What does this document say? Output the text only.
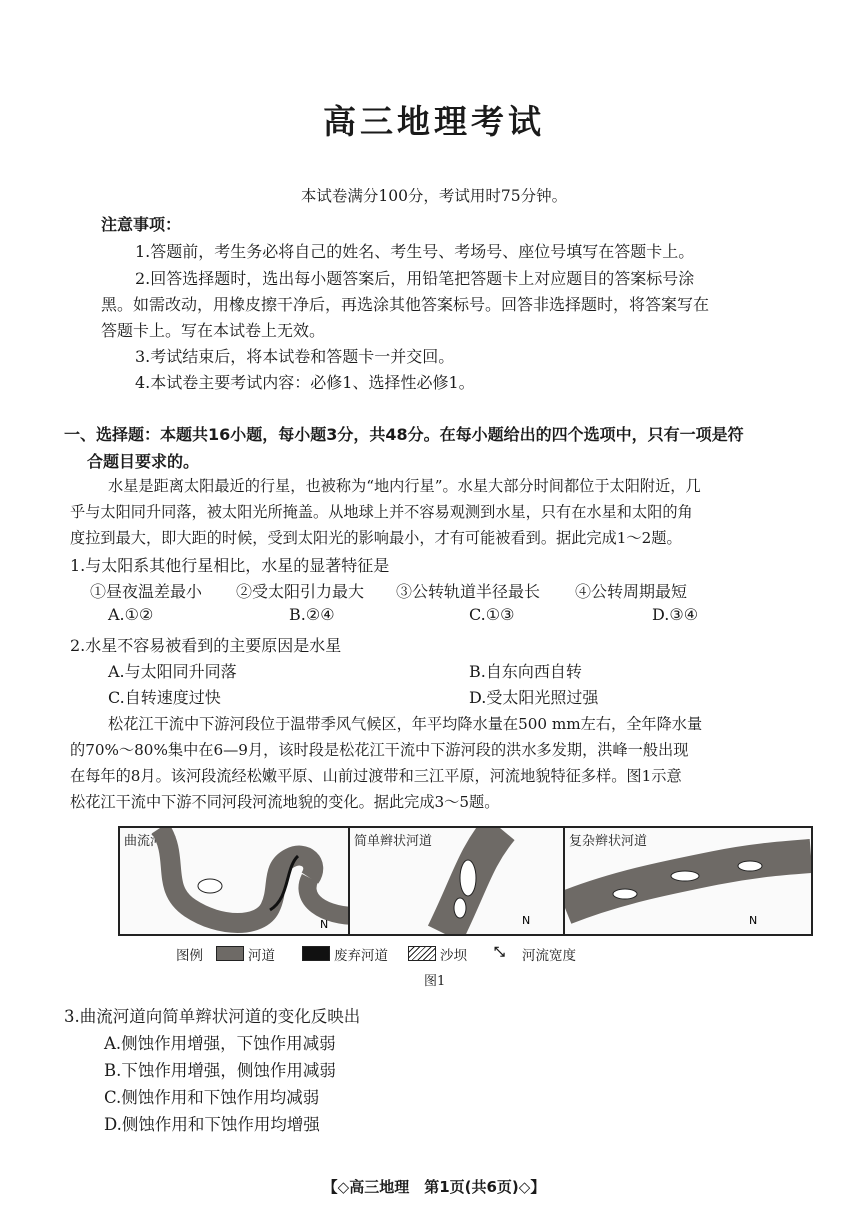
高三地理考试
本试卷满分100分，考试用时75分钟。
注意事项：
1.答题前，考生务必将自己的姓名、考生号、考场号、座位号填写在答题卡上。
2.回答选择题时，选出每小题答案后，用铅笔把答题卡上对应题目的答案标号涂
黑。如需改动，用橡皮擦干净后，再选涂其他答案标号。回答非选择题时，将答案写在
答题卡上。写在本试卷上无效。
3.考试结束后，将本试卷和答题卡一并交回。
4.本试卷主要考试内容：必修1、选择性必修1。
一、选择题：本题共16小题，每小题3分，共48分。在每小题给出的四个选项中，只有一项是符
合题目要求的。
水星是距离太阳最近的行星，也被称为“地内行星”。水星大部分时间都位于太阳附近，几
乎与太阳同升同落，被太阳光所掩盖。从地球上并不容易观测到水星，只有在水星和太阳的角
度拉到最大，即大距的时候，受到太阳光的影响最小，才有可能被看到。据此完成1～2题。
1.与太阳系其他行星相比，水星的显著特征是
①昼夜温差最小 ②受太阳引力最大 ③公转轨道半径最长 ④公转周期最短
A.①②	B.②④	C.①③	D.③④
2.水星不容易被看到的主要原因是水星
A.与太阳同升同落	B.自东向西自转
C.自转速度过快	D.受太阳光照过强
松花江干流中下游河段位于温带季风气候区，年平均降水量在500 mm左右，全年降水量
的70%～80%集中在6—9月，该时段是松花江干流中下游河段的洪水多发期，洪峰一般出现
在每年的8月。该河段流经松嫩平原、山前过渡带和三江平原，河流地貌特征多样。图1示意
松花江干流中下游不同河段河流地貌的变化。据此完成3～5题。
曲流河道
N
简单辫状河道
N
复杂辫状河道
N
图例	河道	废弃河道	沙坝 ⤡ 河流宽度
图1
3.曲流河道向简单辫状河道的变化反映出
A.侧蚀作用增强，下蚀作用减弱
B.下蚀作用增强，侧蚀作用减弱
C.侧蚀作用和下蚀作用均减弱
D.侧蚀作用和下蚀作用均增强
【◇高三地理　第1页(共6页)◇】
